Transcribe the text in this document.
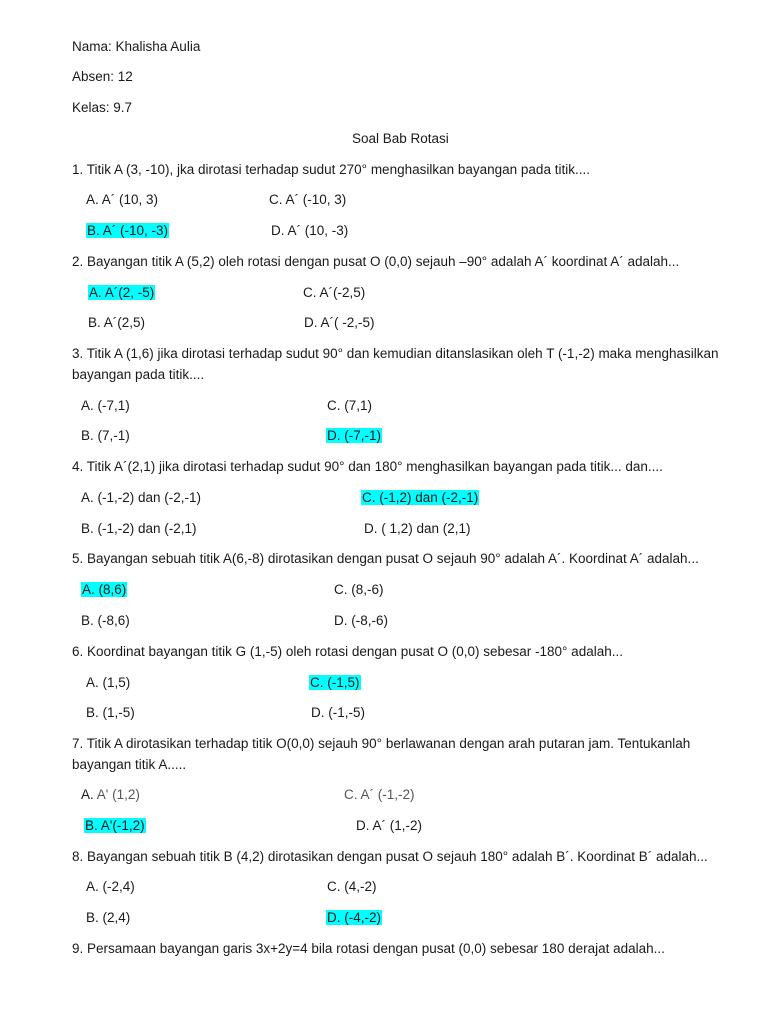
Nama: Khalisha Aulia
Absen: 12
Kelas: 9.7
Soal Bab Rotasi
1. Titik A (3, -10), jka dirotasi terhadap sudut 270° menghasilkan bayangan pada titik....
A. A´ (10, 3)	C. A´ (-10, 3)
B. A´ (-10, -3)	D. A´ (10, -3)
2. Bayangan titik A (5,2) oleh rotasi dengan pusat O (0,0) sejauh –90° adalah A´ koordinat A´ adalah...
A. A´(2, -5)	C. A´(-2,5)
B. A´(2,5)	D. A´( -2,-5)
3. Titik A (1,6) jika dirotasi terhadap sudut 90° dan kemudian ditanslasikan oleh T (-1,-2) maka menghasilkan
bayangan pada titik....
A. (-7,1)	C. (7,1)
B. (7,-1)	D. (-7,-1)
4. Titik A´(2,1) jika dirotasi terhadap sudut 90° dan 180° menghasilkan bayangan pada titik... dan....
A. (-1,-2) dan (-2,-1)	C. (-1,2) dan (-2,-1)
B. (-1,-2) dan (-2,1)	D. ( 1,2) dan (2,1)
5. Bayangan sebuah titik A(6,-8) dirotasikan dengan pusat O sejauh 90° adalah A´. Koordinat A´ adalah...
A. (8,6)	C. (8,-6)
B. (-8,6)	D. (-8,-6)
6. Koordinat bayangan titik G (1,-5) oleh rotasi dengan pusat O (0,0) sebesar -180° adalah...
A. (1,5)	C. (-1,5)
B. (1,-5)	D. (-1,-5)
7. Titik A dirotasikan terhadap titik O(0,0) sejauh 90° berlawanan dengan arah putaran jam. Tentukanlah
bayangan titik A.....
A. A' (1,2)	C. A´ (-1,-2)
B. A'(-1,2)	D. A´ (1,-2)
8. Bayangan sebuah titik B (4,2) dirotasikan dengan pusat O sejauh 180° adalah B´. Koordinat B´ adalah...
A. (-2,4)	C. (4,-2)
B. (2,4)	D. (-4,-2)
9. Persamaan bayangan garis 3x+2y=4 bila rotasi dengan pusat (0,0) sebesar 180 derajat adalah...
